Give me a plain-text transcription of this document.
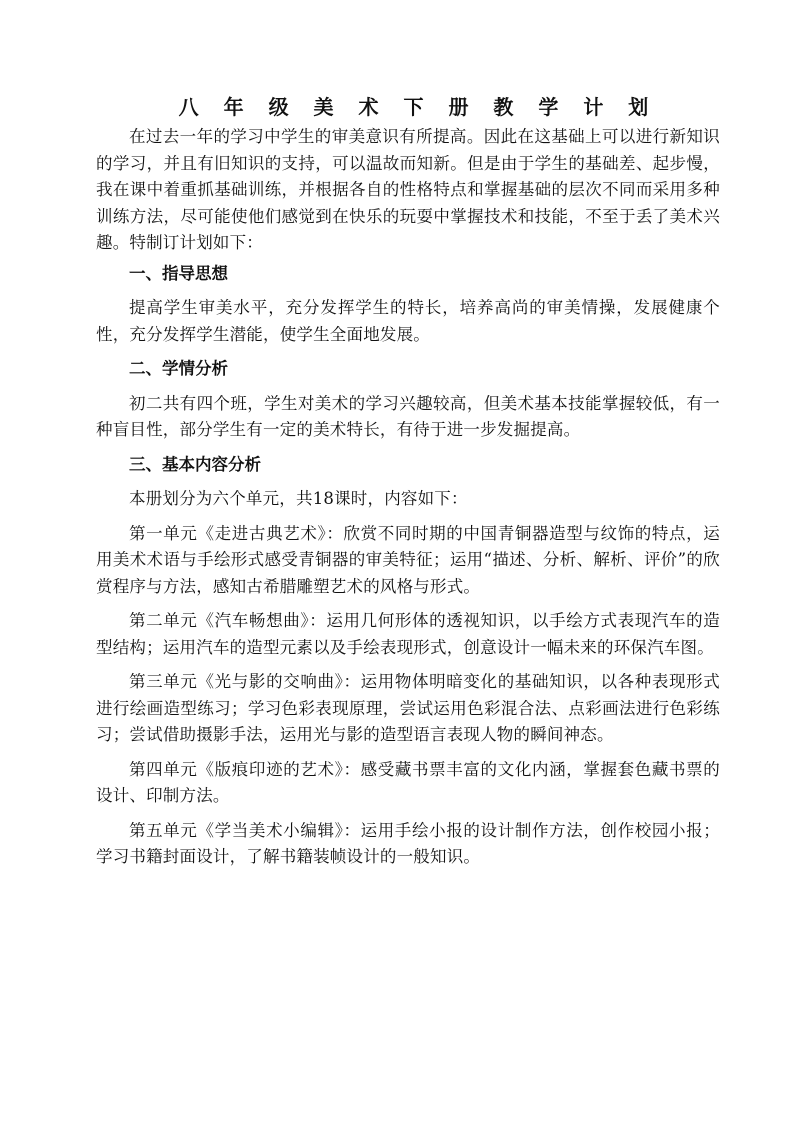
八 年 级 美 术 下 册 教 学 计 划

在过去一年的学习中学生的审美意识有所提高。因此在这基础上可以进行新知识的学习，并且有旧知识的支持，可以温故而知新。但是由于学生的基础差、起步慢，我在课中着重抓基础训练，并根据各自的性格特点和掌握基础的层次不同而采用多种训练方法，尽可能使他们感觉到在快乐的玩耍中掌握技术和技能，不至于丢了美术兴趣。特制订计划如下：

一、指导思想

提高学生审美水平，充分发挥学生的特长，培养高尚的审美情操，发展健康个性，充分发挥学生潜能，使学生全面地发展。

二、学情分析

初二共有四个班，学生对美术的学习兴趣较高，但美术基本技能掌握较低，有一种盲目性，部分学生有一定的美术特长，有待于进一步发掘提高。

三、基本内容分析

本册划分为六个单元，共18课时，内容如下：

第一单元《走进古典艺术》：欣赏不同时期的中国青铜器造型与纹饰的特点，运用美术术语与手绘形式感受青铜器的审美特征；运用“描述、分析、解析、评价”的欣赏程序与方法，感知古希腊雕塑艺术的风格与形式。

第二单元《汽车畅想曲》：运用几何形体的透视知识，以手绘方式表现汽车的造型结构；运用汽车的造型元素以及手绘表现形式，创意设计一幅未来的环保汽车图。

第三单元《光与影的交响曲》：运用物体明暗变化的基础知识，以各种表现形式进行绘画造型练习；学习色彩表现原理，尝试运用色彩混合法、点彩画法进行色彩练习；尝试借助摄影手法，运用光与影的造型语言表现人物的瞬间神态。

第四单元《版痕印迹的艺术》：感受藏书票丰富的文化内涵，掌握套色藏书票的设计、印制方法。

第五单元《学当美术小编辑》：运用手绘小报的设计制作方法，创作校园小报；学习书籍封面设计，了解书籍装帧设计的一般知识。
